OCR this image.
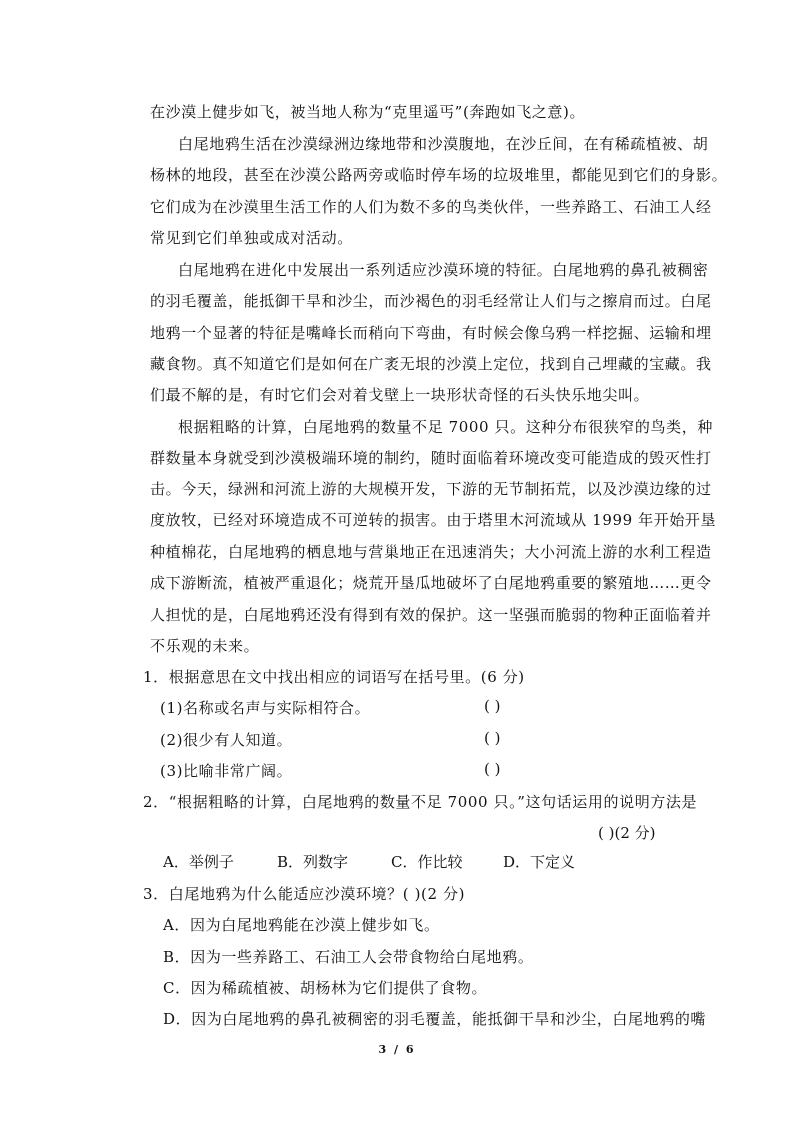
在沙漠上健步如飞，被当地人称为“克里遥丐”(奔跑如飞之意)。
白尾地鸦生活在沙漠绿洲边缘地带和沙漠腹地，在沙丘间，在有稀疏植被、胡
杨林的地段，甚至在沙漠公路两旁或临时停车场的垃圾堆里，都能见到它们的身影。
它们成为在沙漠里生活工作的人们为数不多的鸟类伙伴，一些养路工、石油工人经
常见到它们单独或成对活动。
白尾地鸦在进化中发展出一系列适应沙漠环境的特征。白尾地鸦的鼻孔被稠密
的羽毛覆盖，能抵御干旱和沙尘，而沙褐色的羽毛经常让人们与之擦肩而过。白尾
地鸦一个显著的特征是嘴峰长而稍向下弯曲，有时候会像乌鸦一样挖掘、运输和埋
藏食物。真不知道它们是如何在广袤无垠的沙漠上定位，找到自己埋藏的宝藏。我
们最不解的是，有时它们会对着戈壁上一块形状奇怪的石头快乐地尖叫。
根据粗略的计算，白尾地鸦的数量不足 7000 只。这种分布很狭窄的鸟类，种
群数量本身就受到沙漠极端环境的制约，随时面临着环境改变可能造成的毁灭性打
击。今天，绿洲和河流上游的大规模开发，下游的无节制拓荒，以及沙漠边缘的过
度放牧，已经对环境造成不可逆转的损害。由于塔里木河流域从 1999 年开始开垦
种植棉花，白尾地鸦的栖息地与营巢地正在迅速消失；大小河流上游的水利工程造
成下游断流，植被严重退化；烧荒开垦瓜地破坏了白尾地鸦重要的繁殖地……更令
人担忧的是，白尾地鸦还没有得到有效的保护。这一坚强而脆弱的物种正面临着并
不乐观的未来。
1．根据意思在文中找出相应的词语写在括号里。(6 分)
(1)名称或名声与实际相符合。	( )
(2)很少有人知道。	( )
(3)比喻非常广阔。	( )
2．“根据粗略的计算，白尾地鸦的数量不足 7000 只。”这句话运用的说明方法是
( )(2 分)
A．举例子	B．列数字	C．作比较	D．下定义
3．白尾地鸦为什么能适应沙漠环境？( )(2 分)
A．因为白尾地鸦能在沙漠上健步如飞。
B．因为一些养路工、石油工人会带食物给白尾地鸦。
C．因为稀疏植被、胡杨林为它们提供了食物。
D．因为白尾地鸦的鼻孔被稠密的羽毛覆盖，能抵御干旱和沙尘，白尾地鸦的嘴
3 / 6
